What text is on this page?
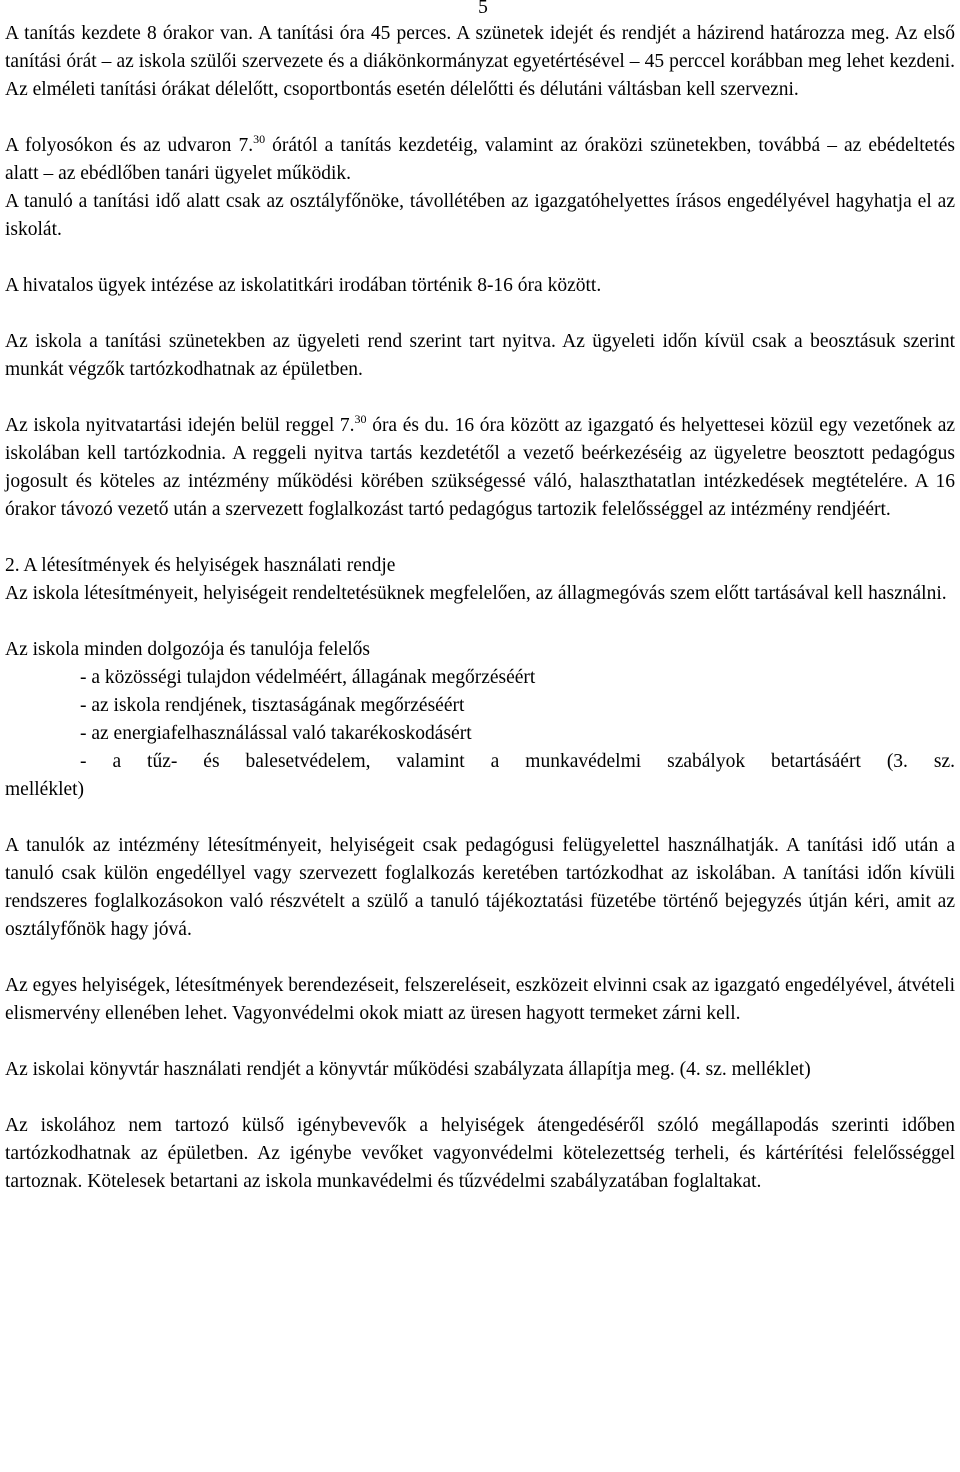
5

A tanítás kezdete 8 órakor van. A tanítási óra 45 perces. A szünetek idejét és rendjét a házirend határozza meg. Az első tanítási órát – az iskola szülői szervezete és a diákönkormányzat egyetértésével – 45 perccel korábban meg lehet kezdeni. Az elméleti tanítási órákat délelőtt, csoportbontás esetén délelőtti és délutáni váltásban kell szervezni.

A folyosókon és az udvaron 7.30 órától a tanítás kezdetéig, valamint az óraközi szünetekben, továbbá – az ebédeltetés alatt – az ebédlőben tanári ügyelet működik.

A tanuló a tanítási idő alatt csak az osztályfőnöke, távollétében az igazgatóhelyettes írásos engedélyével hagyhatja el az iskolát.

A hivatalos ügyek intézése az iskolatitkári irodában történik 8-16 óra között.

Az iskola a tanítási szünetekben az ügyeleti rend szerint tart nyitva. Az ügyeleti időn kívül csak a beosztásuk szerint munkát végzők tartózkodhatnak az épületben.

Az iskola nyitvatartási idején belül reggel 7.30 óra és du. 16 óra között az igazgató és helyettesei közül egy vezetőnek az iskolában kell tartózkodnia. A reggeli nyitva tartás kezdetétől a vezető beérkezéséig az ügyeletre beosztott pedagógus jogosult és köteles az intézmény működési körében szükségessé váló, halaszthatatlan intézkedések megtételére. A 16 órakor távozó vezető után a szervezett foglalkozást tartó pedagógus tartozik felelősséggel az intézmény rendjéért.

2. A létesítmények és helyiségek használati rendje

Az iskola létesítményeit, helyiségeit rendeltetésüknek megfelelően, az állagmegóvás szem előtt tartásával kell használni.

Az iskola minden dolgozója és tanulója felelős

- a közösségi tulajdon védelméért, állagának megőrzéséért
- az iskola rendjének, tisztaságának megőrzéséért
- az energiafelhasználással való takarékoskodásért
- a tűz- és balesetvédelem, valamint a munkavédelmi szabályok betartásáért (3. sz.

melléklet)

A tanulók az intézmény létesítményeit, helyiségeit csak pedagógusi felügyelettel használhatják. A tanítási idő után a tanuló csak külön engedéllyel vagy szervezett foglalkozás keretében tartózkodhat az iskolában. A tanítási időn kívüli rendszeres foglalkozásokon való részvételt a szülő a tanuló tájékoztatási füzetébe történő bejegyzés útján kéri, amit az osztályfőnök hagy jóvá.

Az egyes helyiségek, létesítmények berendezéseit, felszereléseit, eszközeit elvinni csak az igazgató engedélyével, átvételi elismervény ellenében lehet. Vagyonvédelmi okok miatt az üresen hagyott termeket zárni kell.

Az iskolai könyvtár használati rendjét a könyvtár működési szabályzata állapítja meg. (4. sz. melléklet)

Az iskolához nem tartozó külső igénybevevők a helyiségek átengedéséről szóló megállapodás szerinti időben tartózkodhatnak az épületben. Az igénybe vevőket vagyonvédelmi kötelezettség terheli, és kártérítési felelősséggel tartoznak. Kötelesek betartani az iskola munkavédelmi és tűzvédelmi szabályzatában foglaltakat.
